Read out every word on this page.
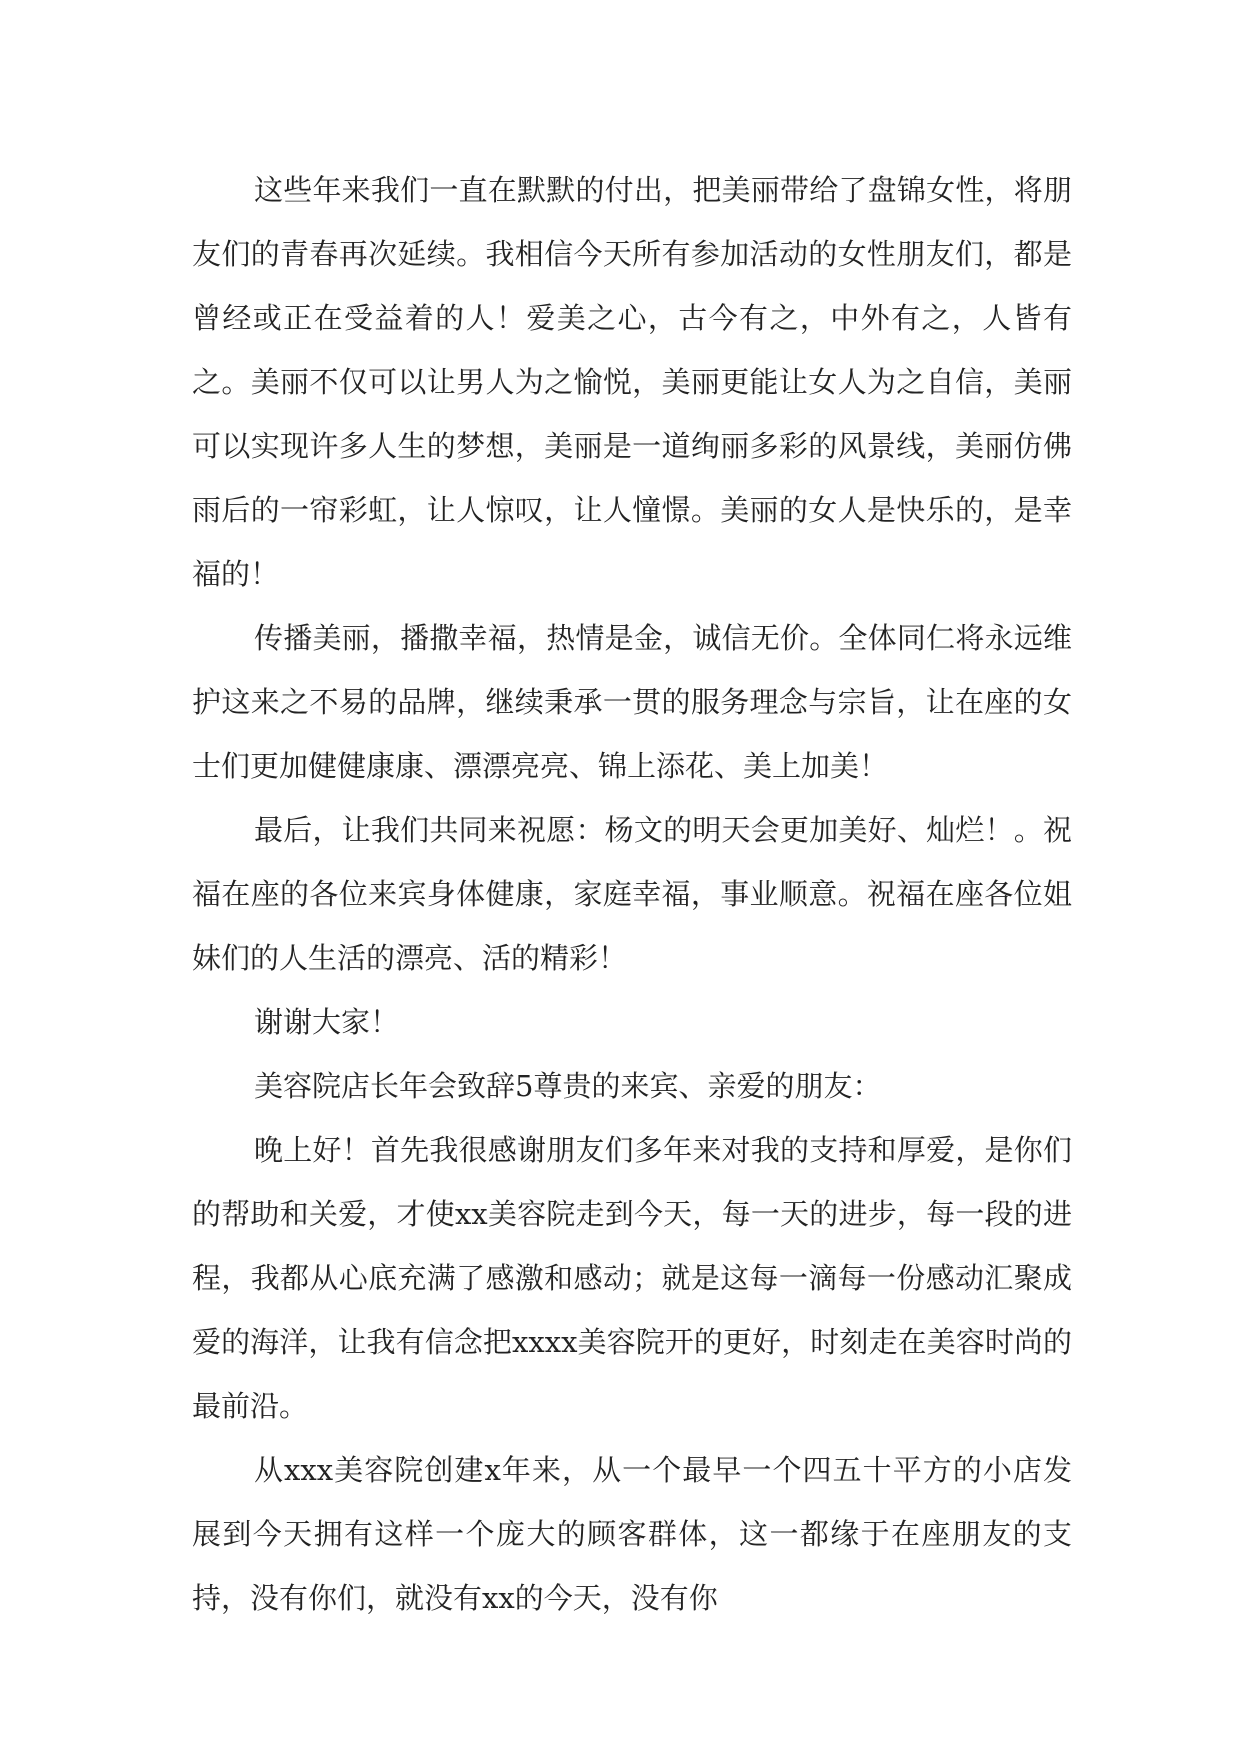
这些年来我们一直在默默的付出，把美丽带给了盘锦女性，将朋友们的青春再次延续。我相信今天所有参加活动的女性朋友们，都是曾经或正在受益着的人！爱美之心，古今有之，中外有之，人皆有之。美丽不仅可以让男人为之愉悦，美丽更能让女人为之自信，美丽可以实现许多人生的梦想，美丽是一道绚丽多彩的风景线，美丽仿佛雨后的一帘彩虹，让人惊叹，让人憧憬。美丽的女人是快乐的，是幸福的！

传播美丽，播撒幸福，热情是金，诚信无价。全体同仁将永远维护这来之不易的品牌，继续秉承一贯的服务理念与宗旨，让在座的女士们更加健健康康、漂漂亮亮、锦上添花、美上加美！

最后，让我们共同来祝愿：杨文的明天会更加美好、灿烂！。祝福在座的各位来宾身体健康，家庭幸福，事业顺意。祝福在座各位姐妹们的人生活的漂亮、活的精彩！

谢谢大家！

美容院店长年会致辞5尊贵的来宾、亲爱的朋友：

晚上好！首先我很感谢朋友们多年来对我的支持和厚爱，是你们的帮助和关爱，才使xx美容院走到今天，每一天的进步，每一段的进程，我都从心底充满了感激和感动；就是这每一滴每一份感动汇聚成爱的海洋，让我有信念把xxxx美容院开的更好，时刻走在美容时尚的最前沿。

从xxx美容院创建x年来，从一个最早一个四五十平方的小店发展到今天拥有这样一个庞大的顾客群体，这一都缘于在座朋友的支持，没有你们，就没有xx的今天，没有你
